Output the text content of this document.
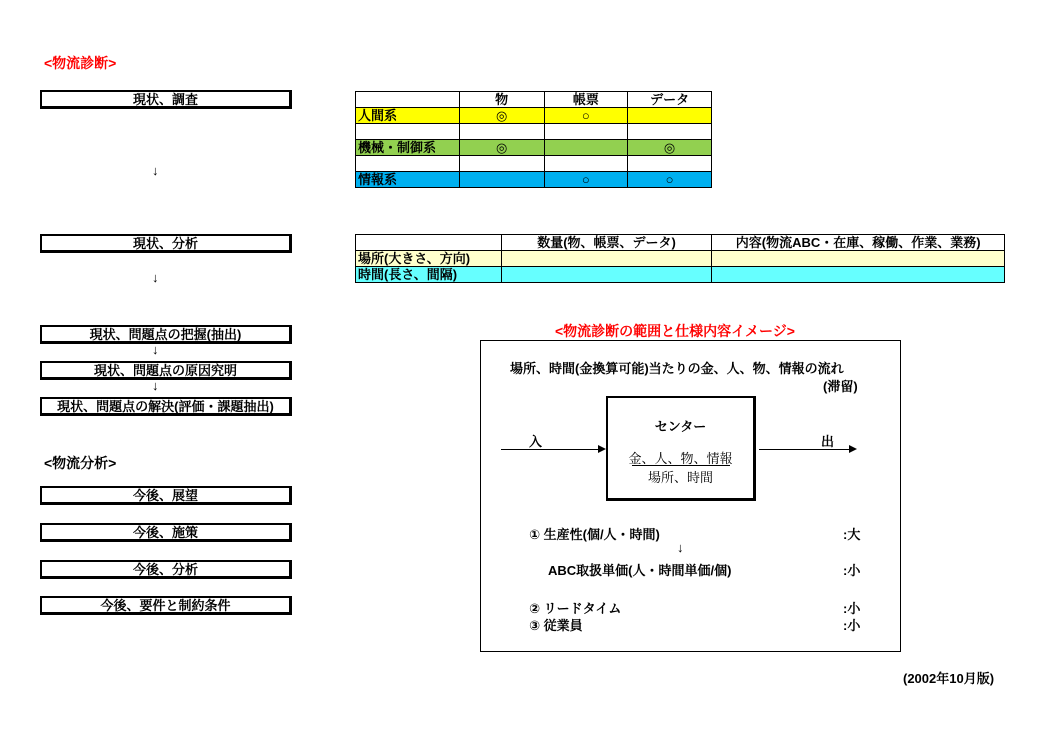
<物流診断>
現状、調査
↓
現状、分析
↓
現状、問題点の把握(抽出)
↓
現状、問題点の原因究明
↓
現状、問題点の解決(評価・課題抽出)
<物流分析>
今後、展望
今後、施策
今後、分析
今後、要件と制約条件
	物	帳票	データ
人間系	◎	○	

機械・制御系	◎		◎

情報系		○	○
	数量(物、帳票、データ)	内容(物流ABC・在庫、稼働、作業、業務)
場所(大きさ、方向)		
時間(長さ、間隔)		
<物流診断の範囲と仕様内容イメージ>
場所、時間(金換算可能)当たりの金、人、物、情報の流れ
(滞留)
入
センター
金、人、物、情報
場所、時間
出
① 生産性(個/人・時間)	:大
↓
ABC取扱単価(人・時間単価/個)	:小
② リードタイム	:小
③ 従業員	:小
(2002年10月版)
